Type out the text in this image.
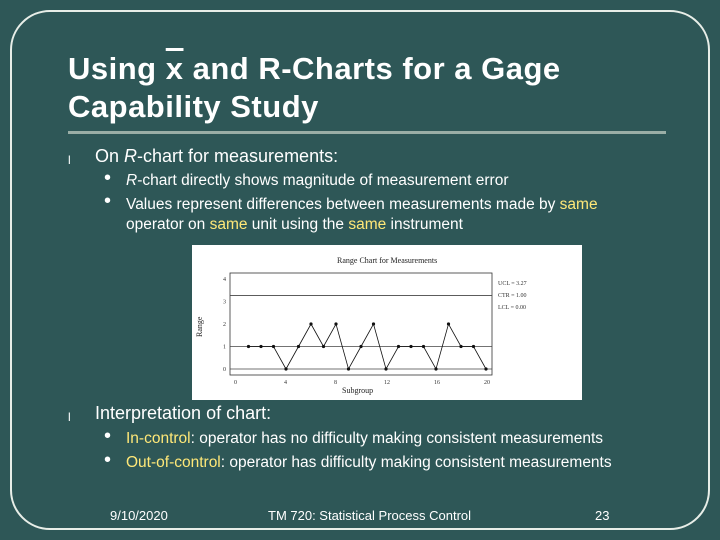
Using $\overline{x}$ and R-Charts for a Gage Capability Study
l On R-chart for measurements:
• R-chart directly shows magnitude of measurement error
• Values represent differences between measurements made by same
operator on same unit using the same instrument
Range Chart for Measurements
Range
Subgroup
UCL = 3.27
CTR = 1.00
LCL = 0.00
0	4	8	12	16	20
0
1
2
3
4
l Interpretation of chart:
• In-control: operator has no difficulty making consistent measurements
• Out-of-control: operator has difficulty making consistent measurements
9/10/2020	TM 720: Statistical Process Control	23
